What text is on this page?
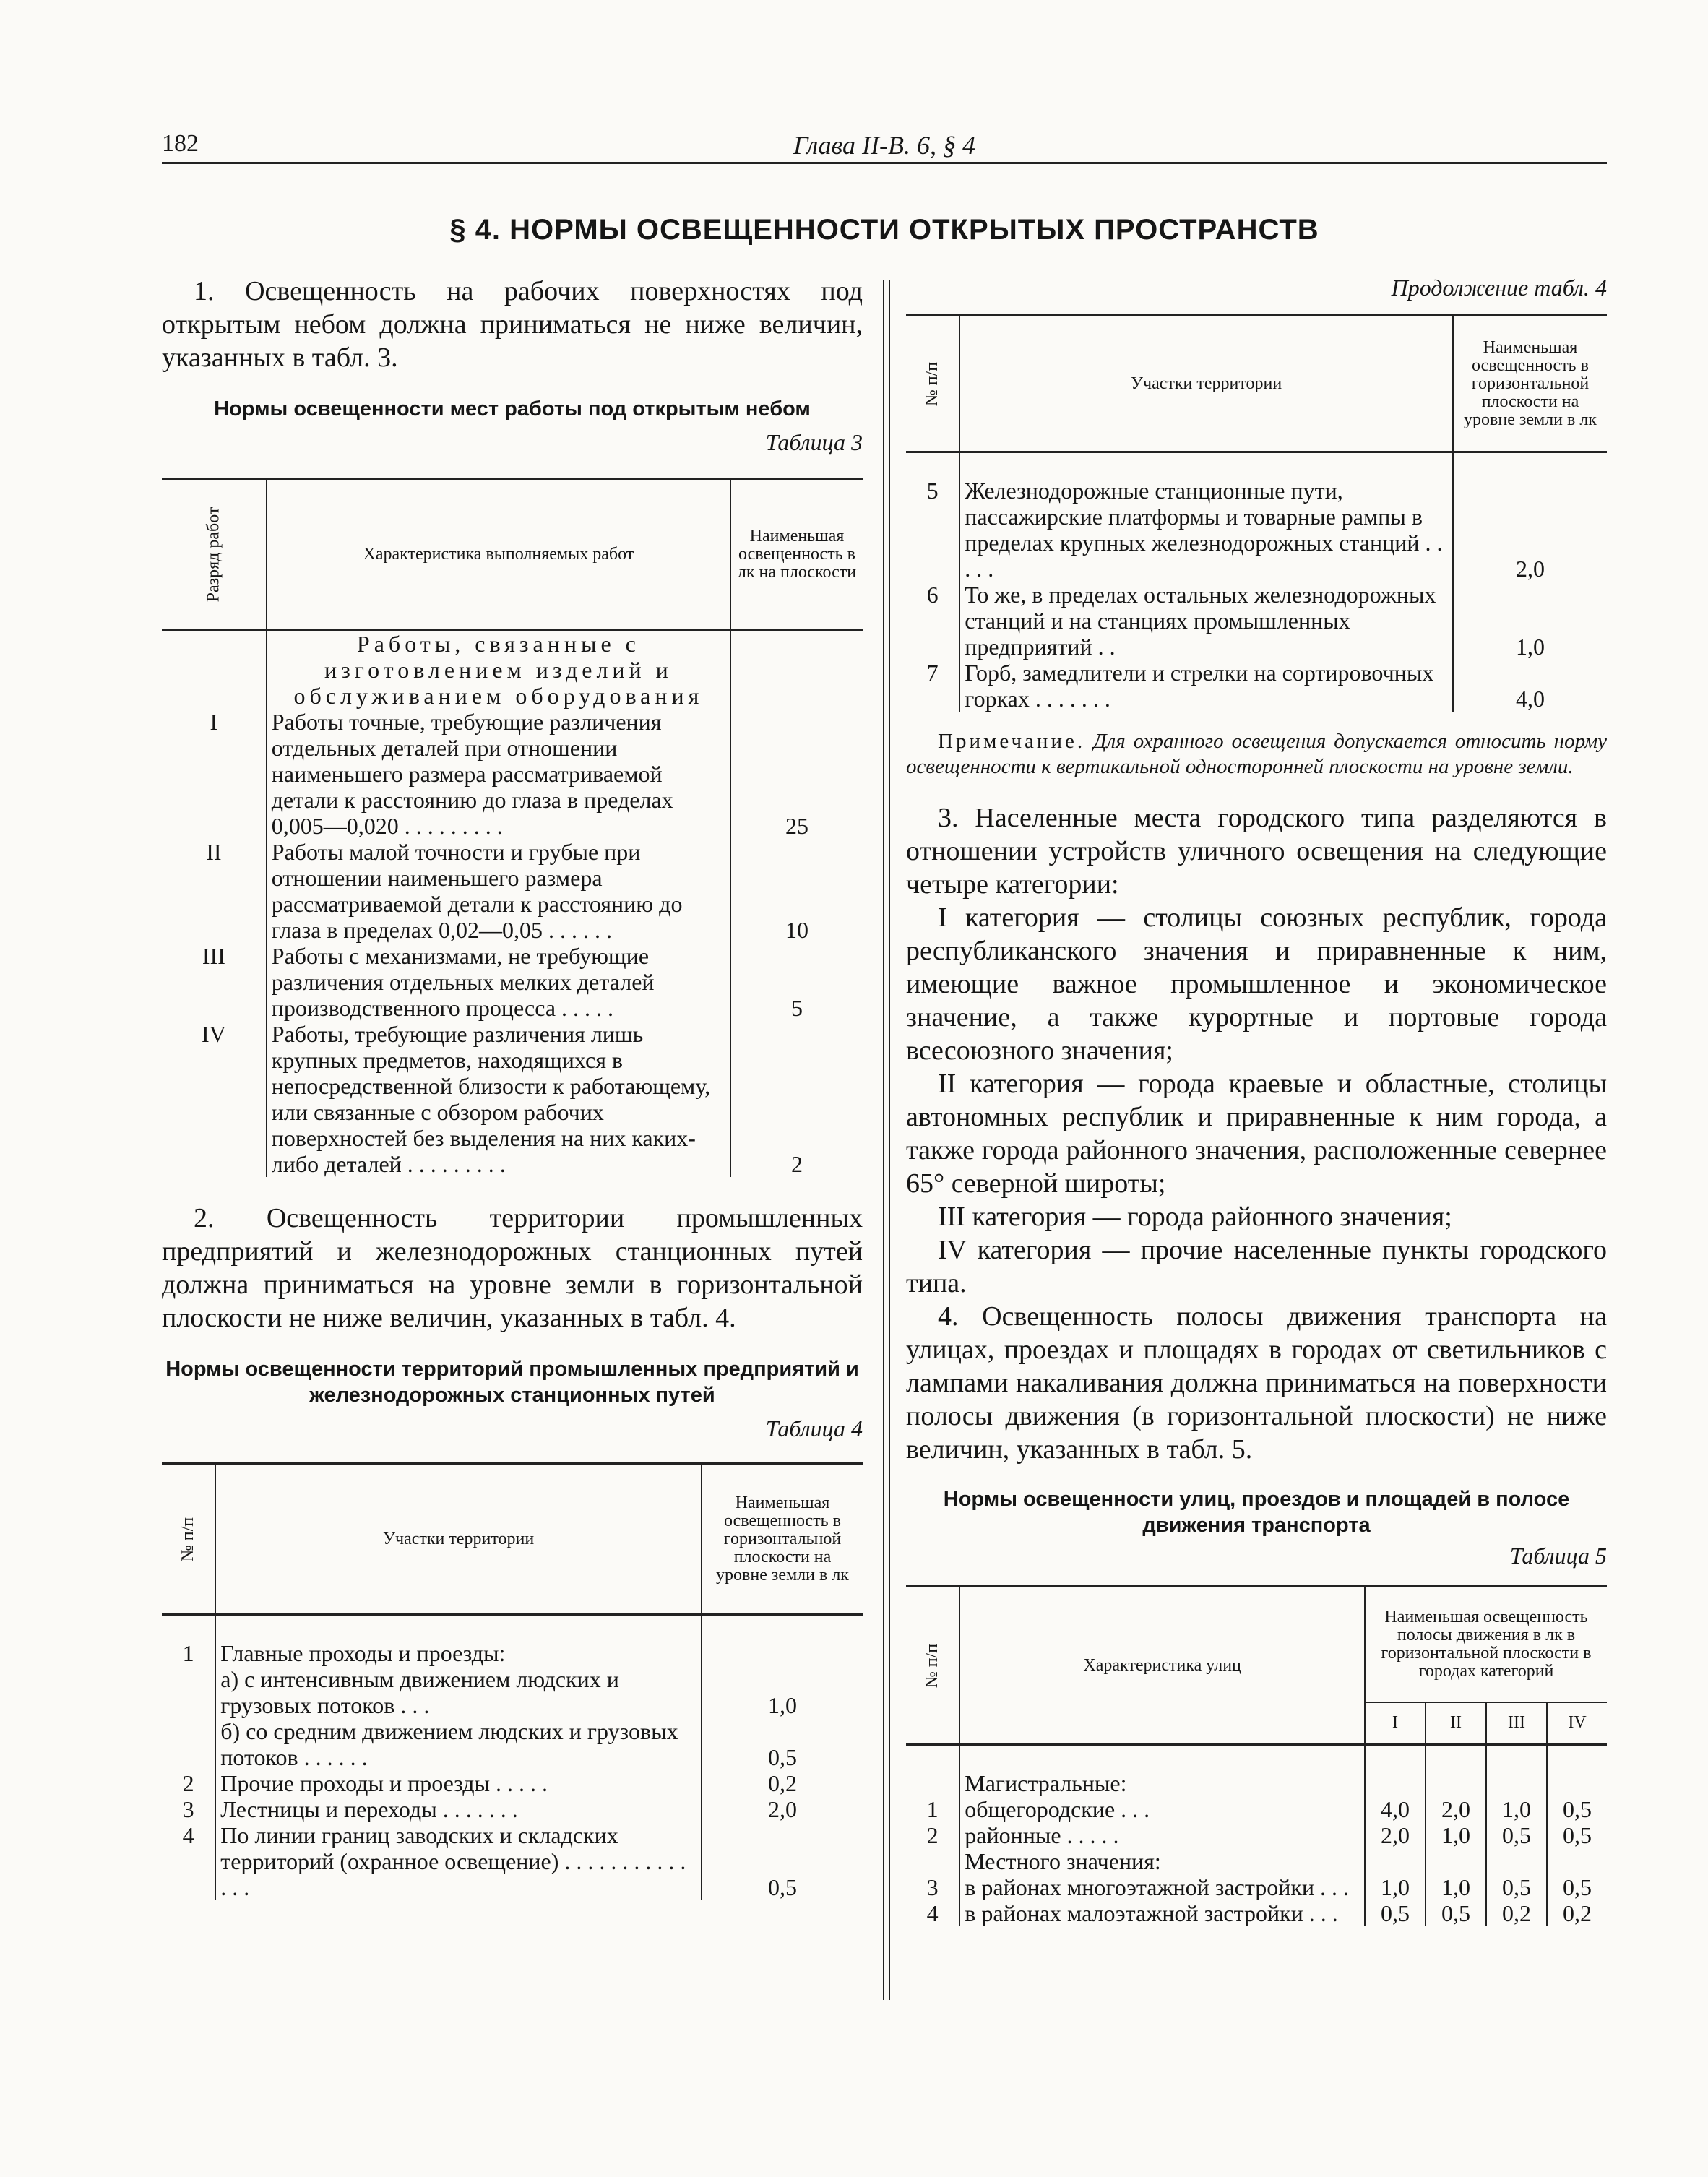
182	Глава II-В. 6, § 4
§ 4. НОРМЫ ОСВЕЩЕННОСТИ ОТКРЫТЫХ ПРОСТРАНСТВ

1. Освещенность на рабочих поверхностях под открытым небом должна приниматься не ниже величин, указанных в табл. 3.

Нормы освещенности мест работы под открытым небом

Таблица 3

Разряд работ	Характеристика выполняемых работ	Наименьшая освещенность в лк на плоскости
	Работы, связанные с изготовлением изделий и обслуживанием оборудования	
I	Работы точные, требующие различения отдельных деталей при отношении наименьшего размера рассматриваемой детали к расстоянию до глаза в пределах 0,005—0,020 . . . . . . . . .	25
II	Работы малой точности и грубые при отношении наименьшего размера рассматриваемой детали к расстоянию до глаза в пределах 0,02—0,05 . . . . . .	10
III	Работы с механизмами, не требующие различения отдельных мелких деталей производственного процесса . . . . .	5
IV	Работы, требующие различения лишь крупных предметов, находящихся в непосредственной близости к работающему, или связанные с обзором рабочих поверхностей без выделения на них каких-либо деталей . . . . . . . . .	2

2. Освещенность территории промышленных предприятий и железнодорожных станционных путей должна приниматься на уровне земли в горизонтальной плоскости не ниже величин, указанных в табл. 4.

Нормы освещенности территорий промышленных предприятий и железнодорожных станционных путей

Таблица 4

№ п/п	Участки территории	Наименьшая освещенность в горизонтальной плоскости на уровне земли в лк

1	Главные проходы и проезды:	
	а) с интенсивным движением людских и грузовых потоков . . .	1,0
	б) со средним движением людских и грузовых потоков . . . . . .	0,5
2	Прочие проходы и проезды . . . . .	0,2
3	Лестницы и переходы . . . . . . .	2,0
4	По линии границ заводских и складских территорий (охранное освещение) . . . . . . . . . . . . . .	0,5

Продолжение табл. 4

№ п/п	Участки территории	Наименьшая освещенность в горизонтальной плоскости на уровне земли в лк

5	Железнодорожные станционные пути, пассажирские платформы и товарные рампы в пределах крупных железнодорожных станций . . . . .	2,0
6	То же, в пределах остальных железнодорожных станций и на станциях промышленных предприятий . .	1,0
7	Горб, замедлители и стрелки на сортировочных горках . . . . . . .	4,0

Примечание. Для охранного освещения допускается относить норму освещенности к вертикальной односторонней плоскости на уровне земли.

3. Населенные места городского типа разделяются в отношении устройств уличного освещения на следующие четыре категории:

I категория — столицы союзных республик, города республиканского значения и приравненные к ним, имеющие важное промышленное и экономическое значение, а также курортные и портовые города всесоюзного значения;

II категория — города краевые и областные, столицы автономных республик и приравненные к ним города, а также города районного значения, расположенные севернее 65° северной широты;

III категория — города районного значения;

IV категория — прочие населенные пункты городского типа.

4. Освещенность полосы движения транспорта на улицах, проездах и площадях в городах от светильников с лампами накаливания должна приниматься на поверхности полосы движения (в горизонтальной плоскости) не ниже величин, указанных в табл. 5.

Нормы освещенности улиц, проездов и площадей в полосе движения транспорта

Таблица 5

№ п/п	Характеристика улиц	Наименьшая освещенность полосы движения в лк в горизонтальной плоскости в городах категорий			
		I	II	III	IV

	Магистральные:				
1	общегородские . . .	4,0	2,0	1,0	0,5
2	районные . . . . .	2,0	1,0	0,5	0,5
	Местного значения:				
3	в районах многоэтажной застройки . . .	1,0	1,0	0,5	0,5
4	в районах малоэтажной застройки . . .	0,5	0,5	0,2	0,2
